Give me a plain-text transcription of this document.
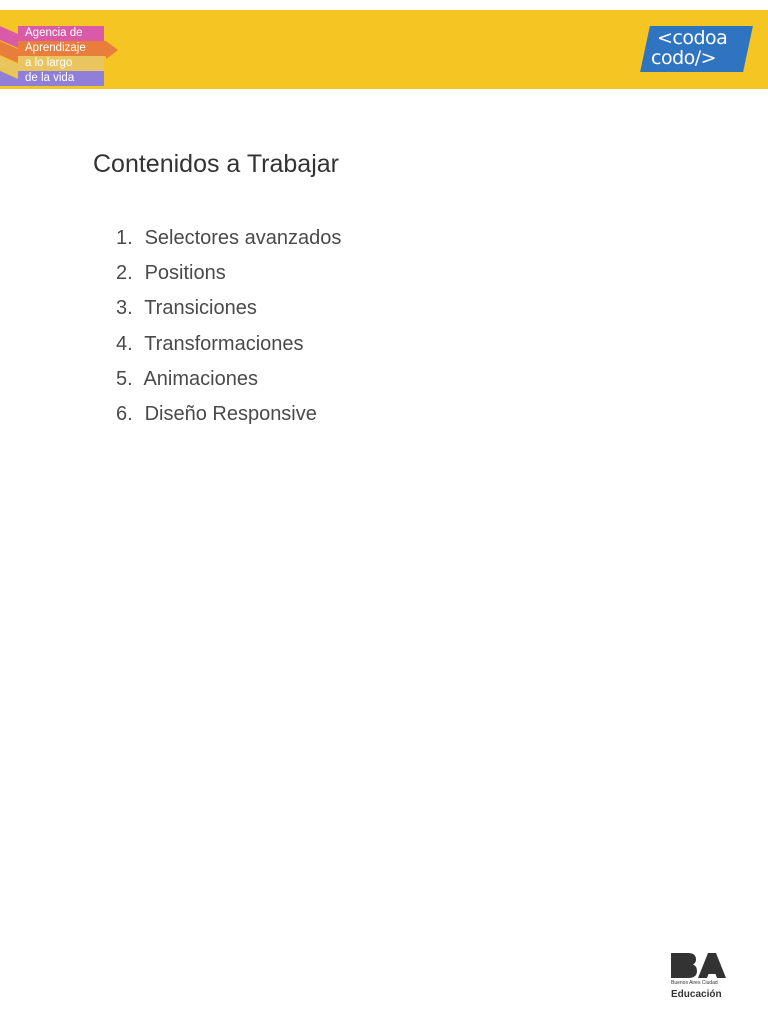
Agencia de
Aprendizaje
a lo largo
de la vida
<codoa
codo/>
Contenidos a Trabajar
1. Selectores avanzados
2. Positions
3. Transiciones
4. Transformaciones
5. Animaciones
6. Diseño Responsive
Buenos Aires Ciudad
Educación
